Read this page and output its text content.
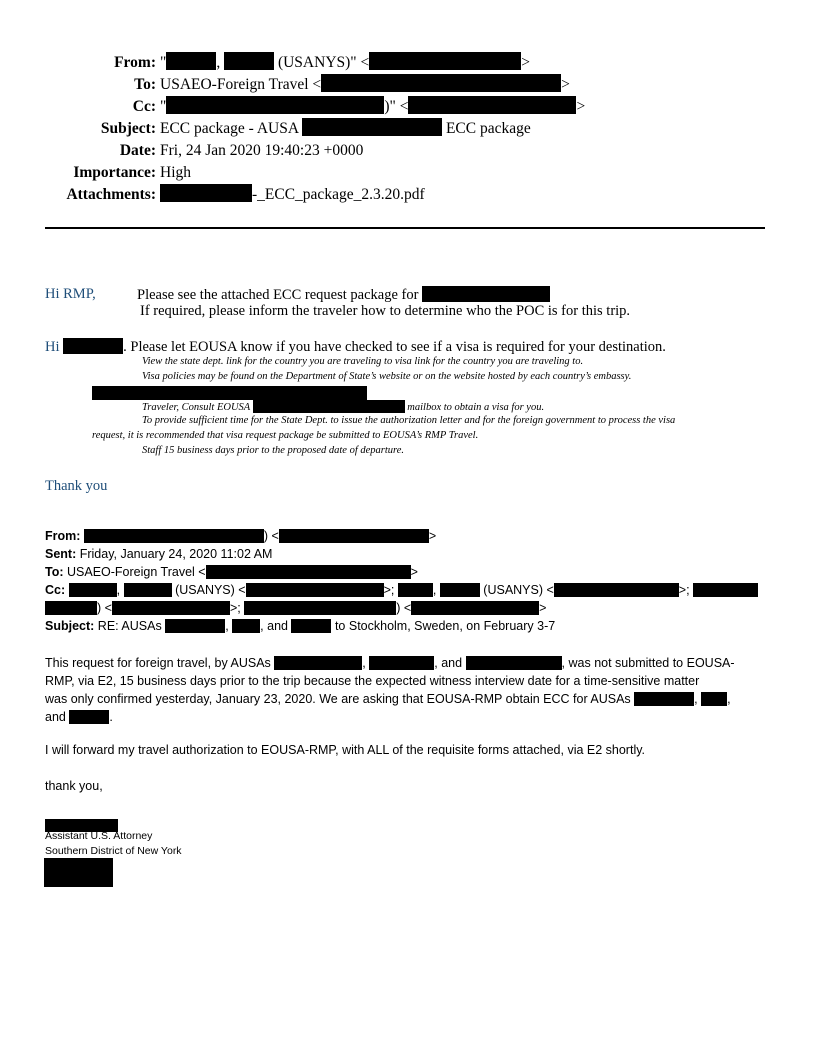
From: "	,	(USANYS)" <	>
To: USAEO-Foreign Travel <	>
Cc: "	)" <	>
Subject: ECC package - AUSA	ECC package
Date: Fri, 24 Jan 2020 19:40:23 +0000
Importance: High
Attachments:	-_ECC_package_2.3.20.pdf
Hi RMP,	Please see the attached ECC request package for
If required, please inform the traveler how to determine who the POC is for this trip.
Hi	. Please let EOUSA know if you have checked to see if a visa is required for your destination.
View the state dept. link for the country you are traveling to visa link for the country you are traveling to.
Visa policies may be found on the Department of State’s website or on the website hosted by each country’s embassy.
Traveler, Consult EOUSA	mailbox to obtain a visa for you.
To provide sufficient time for the State Dept. to issue the authorization letter and for the foreign government to process the visa
request, it is recommended that visa request package be submitted to EOUSA’s RMP Travel.
Staff 15 business days prior to the proposed date of departure.
Thank you
From:	) <	>
Sent: Friday, January 24, 2020 11:02 AM
To: USAEO-Foreign Travel <	>
Cc:	,	(USANYS) <	>;	,	(USANYS) <	>;
) <	>;	) <	>
Subject: RE: AUSAs	,	, and	to Stockholm, Sweden, on February 3-7
This request for foreign travel, by AUSAs	,	, and	, was not submitted to EOUSA-
RMP, via E2, 15 business days prior to the trip because the expected witness interview date for a time-sensitive matter
was only confirmed yesterday, January 23, 2020. We are asking that EOUSA-RMP obtain ECC for AUSAs	, ,
and	.
I will forward my travel authorization to EOUSA-RMP, with ALL of the requisite forms attached, via E2 shortly.
thank you,
Assistant U.S. Attorney
Southern District of New York
